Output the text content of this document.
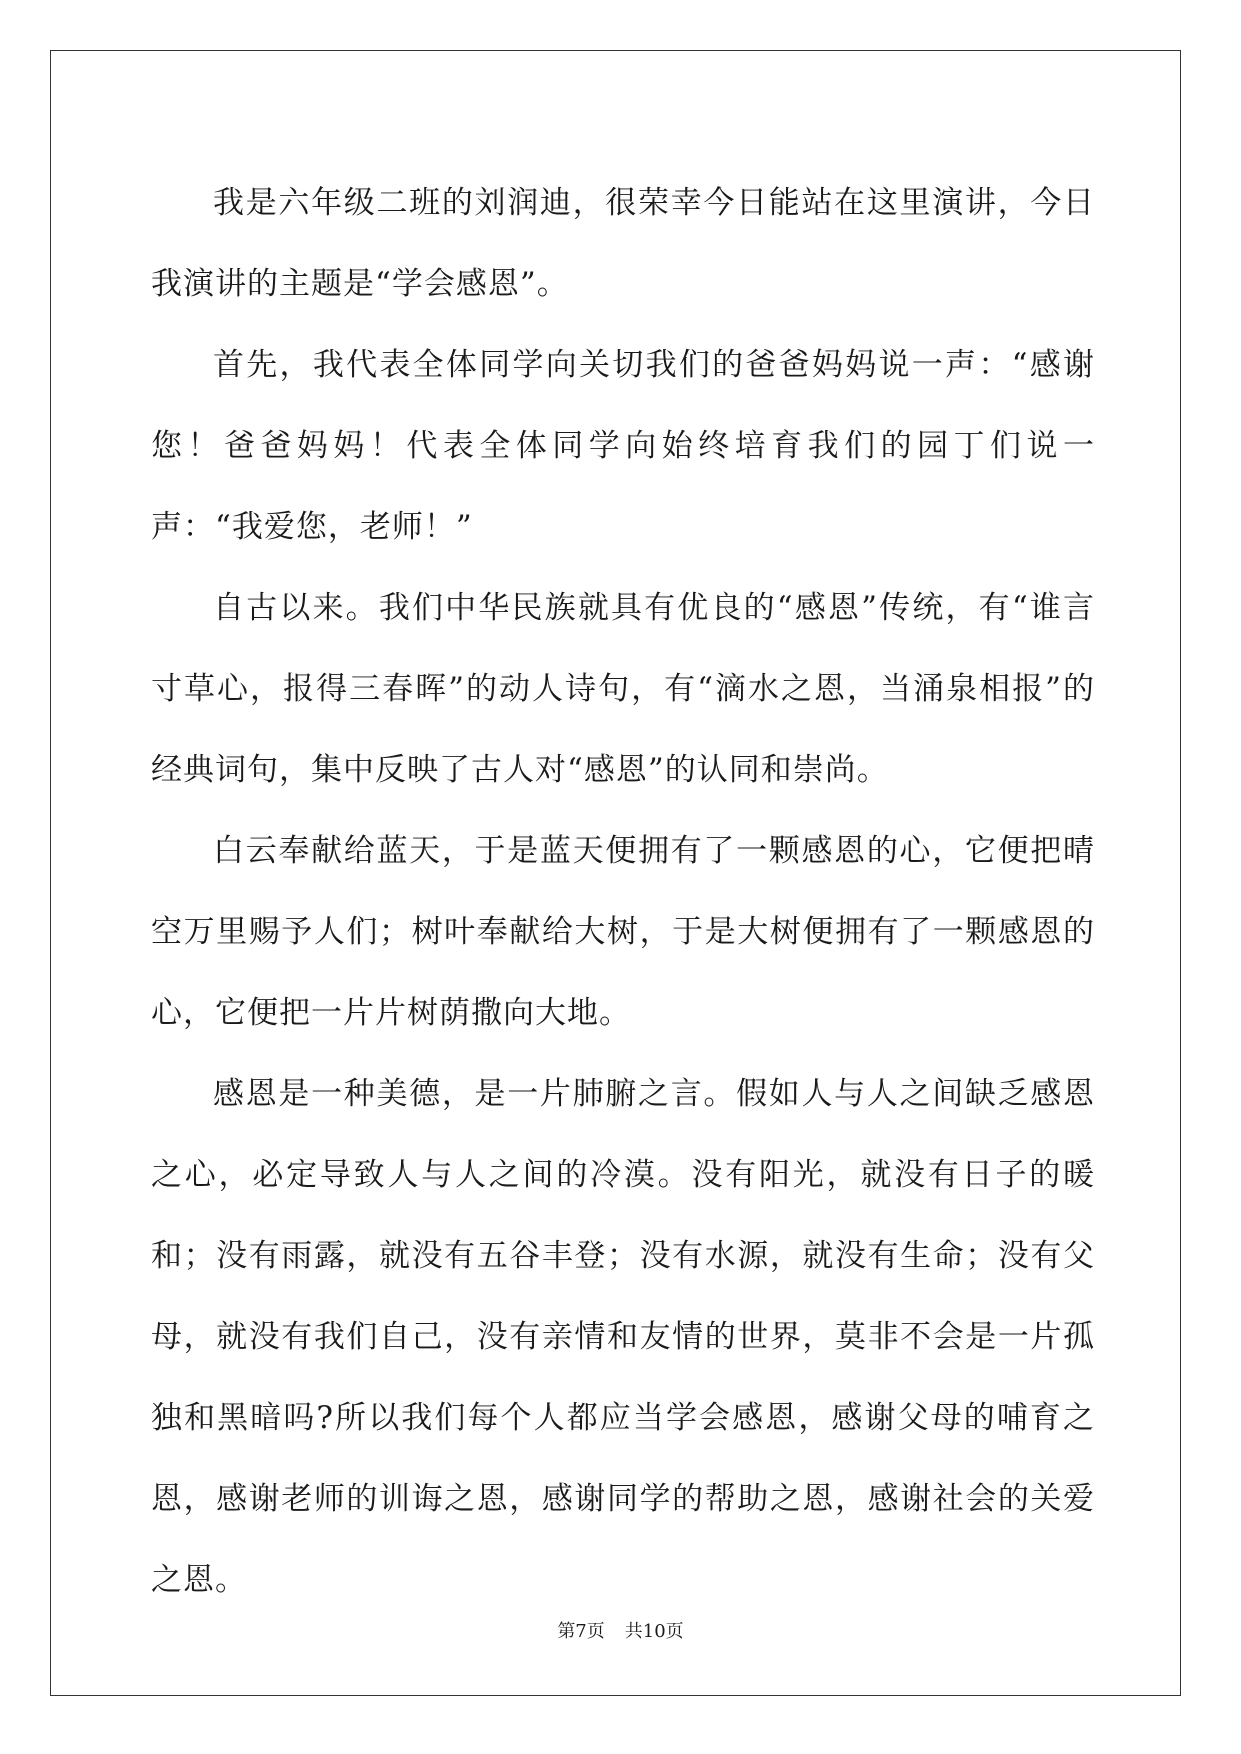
我是六年级二班的刘润迪，很荣幸今日能站在这里演讲，今日我演讲的主题是“学会感恩”。

首先，我代表全体同学向关切我们的爸爸妈妈说一声：“感谢您！爸爸妈妈！代表全体同学向始终培育我们的园丁们说一声：“我爱您，老师！”

自古以来。我们中华民族就具有优良的“感恩”传统，有“谁言寸草心，报得三春晖”的动人诗句，有“滴水之恩，当涌泉相报”的经典词句，集中反映了古人对“感恩”的认同和崇尚。

白云奉献给蓝天，于是蓝天便拥有了一颗感恩的心，它便把晴空万里赐予人们；树叶奉献给大树，于是大树便拥有了一颗感恩的心，它便把一片片树荫撒向大地。

感恩是一种美德，是一片肺腑之言。假如人与人之间缺乏感恩之心，必定导致人与人之间的冷漠。没有阳光，就没有日子的暖和；没有雨露，就没有五谷丰登；没有水源，就没有生命；没有父母，就没有我们自己，没有亲情和友情的世界，莫非不会是一片孤独和黑暗吗?所以我们每个人都应当学会感恩，感谢父母的哺育之恩，感谢老师的训诲之恩，感谢同学的帮助之恩，感谢社会的关爱之恩。

第7页 共10页
